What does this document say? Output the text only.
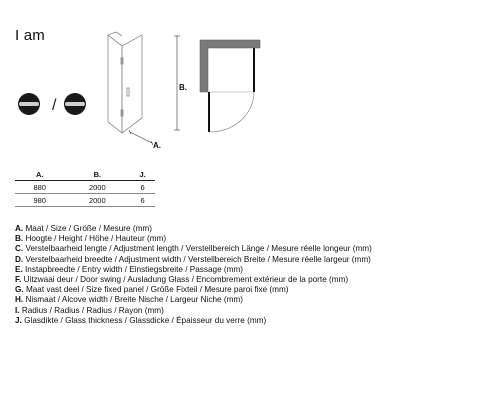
I am
/
B.
A.
A.	B.	J.
880	2000	6
980	2000	6
A. Maat / Size / Größe / Mesure (mm)
B. Hoogte / Height / Höhe / Hauteur (mm)
C. Verstelbaarheid lengte / Adjustment length / Verstellbereich Länge / Mesure réelle longeur (mm)
D. Verstelbaarheid breedte / Adjustment width / Verstellbereich Breite / Mesure réelle largeur (mm)
E. Instapbreedte / Entry width / Einstiegsbreite / Passage (mm)
F. Uitzwaai deur / Door swing / Ausladung Glass / Encombrement extérieur de la porte (mm)
G. Maat vast deel / Size fixed panel / Größe Fixteil / Mesure paroi fixe (mm)
H. Nismaat / Alcove width / Breite Nische / Largeur Niche (mm)
I. Radius / Radius / Radius / Rayon (mm)
J. Glasdikte / Glass thickness / Glassdicke / Épaisseur du verre (mm)
